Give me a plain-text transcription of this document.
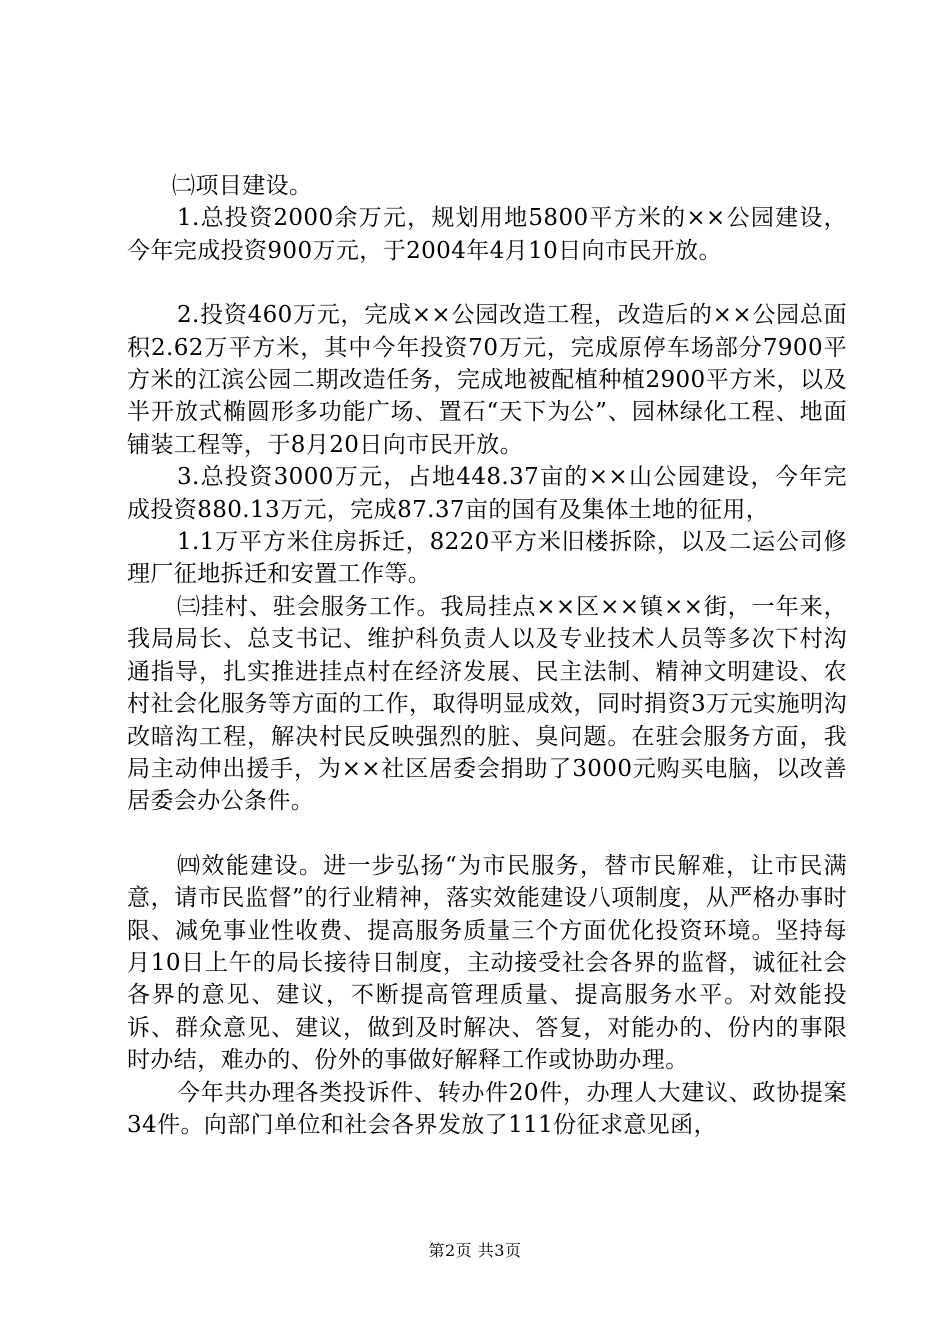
㈡项目建设。

1.总投资2000余万元，规划用地5800平方米的××公园建设，今年完成投资900万元，于2004年4月10日向市民开放。

2.投资460万元，完成××公园改造工程，改造后的××公园总面积2.62万平方米，其中今年投资70万元，完成原停车场部分7900平方米的江滨公园二期改造任务，完成地被配植种植2900平方米，以及半开放式椭圆形多功能广场、置石“天下为公”、园林绿化工程、地面铺装工程等，于8月20日向市民开放。

3.总投资3000万元，占地448.37亩的××山公园建设，今年完成投资880.13万元，完成87.37亩的国有及集体土地的征用，

1.1万平方米住房拆迁，8220平方米旧楼拆除，以及二运公司修理厂征地拆迁和安置工作等。

㈢挂村、驻会服务工作。我局挂点××区××镇××街，一年来，我局局长、总支书记、维护科负责人以及专业技术人员等多次下村沟通指导，扎实推进挂点村在经济发展、民主法制、精神文明建设、农村社会化服务等方面的工作，取得明显成效，同时捐资3万元实施明沟改暗沟工程，解决村民反映强烈的脏、臭问题。在驻会服务方面，我局主动伸出援手，为××社区居委会捐助了3000元购买电脑，以改善居委会办公条件。

㈣效能建设。进一步弘扬“为市民服务，替市民解难，让市民满意，请市民监督”的行业精神，落实效能建设八项制度，从严格办事时限、减免事业性收费、提高服务质量三个方面优化投资环境。坚持每月10日上午的局长接待日制度，主动接受社会各界的监督，诚征社会各界的意见、建议，不断提高管理质量、提高服务水平。对效能投诉、群众意见、建议，做到及时解决、答复，对能办的、份内的事限时办结，难办的、份外的事做好解释工作或协助办理。

今年共办理各类投诉件、转办件20件，办理人大建议、政协提案34件。向部门单位和社会各界发放了111份征求意见函，

第2页 共3页
